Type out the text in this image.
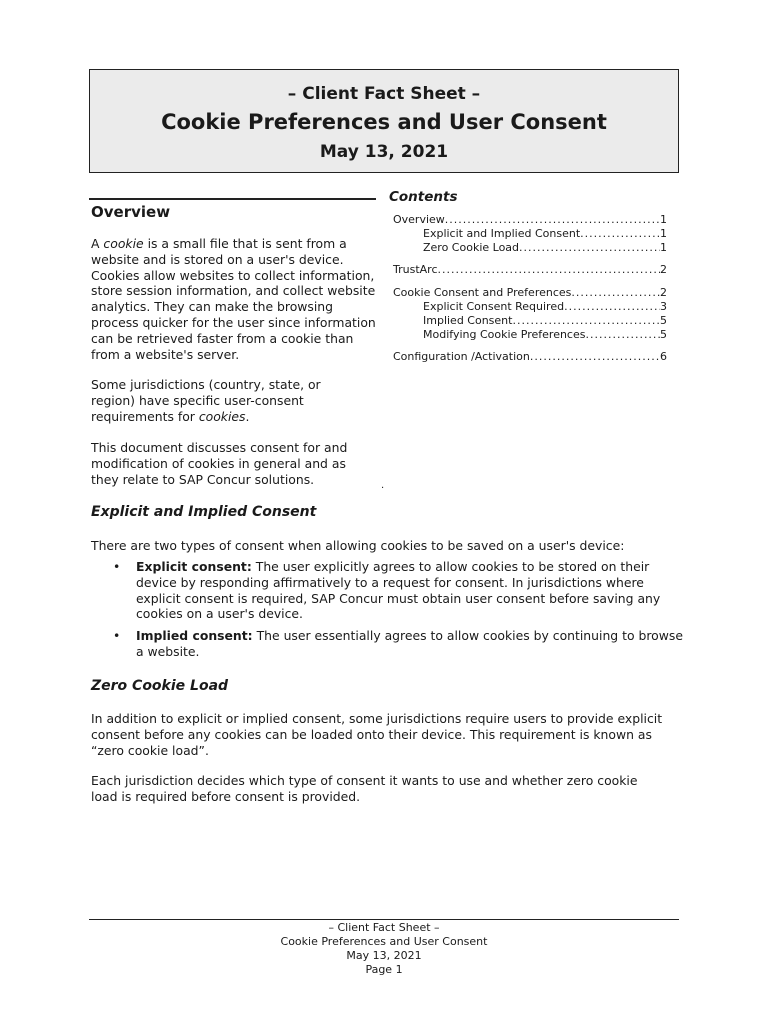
– Client Fact Sheet –
Cookie Preferences and User Consent
May 13, 2021
Overview
A cookie is a small file that is sent from a website and is stored on a user's device. Cookies allow websites to collect information, store session information, and collect website analytics. They can make the browsing process quicker for the user since information can be retrieved faster from a cookie than from a website's server.
Some jurisdictions (country, state, or region) have specific user-consent requirements for cookies.
This document discusses consent for and modification of cookies in general and as they relate to SAP Concur solutions.
Contents
Overview .....	1
Explicit and Implied Consent .....	1
Zero Cookie Load .....	1
TrustArc .....	2
Cookie Consent and Preferences .....	2
Explicit Consent Required .....	3
Implied Consent .....	5
Modifying Cookie Preferences .....	5
Configuration /Activation .....	6
.
Explicit and Implied Consent
There are two types of consent when allowing cookies to be saved on a user's device:
• Explicit consent: The user explicitly agrees to allow cookies to be stored on their device by responding affirmatively to a request for consent. In jurisdictions where explicit consent is required, SAP Concur must obtain user consent before saving any cookies on a user's device.
• Implied consent: The user essentially agrees to allow cookies by continuing to browse a website.
Zero Cookie Load
In addition to explicit or implied consent, some jurisdictions require users to provide explicit consent before any cookies can be loaded onto their device. This requirement is known as “zero cookie load”.
Each jurisdiction decides which type of consent it wants to use and whether zero cookie load is required before consent is provided.
– Client Fact Sheet –
Cookie Preferences and User Consent
May 13, 2021
Page 1
